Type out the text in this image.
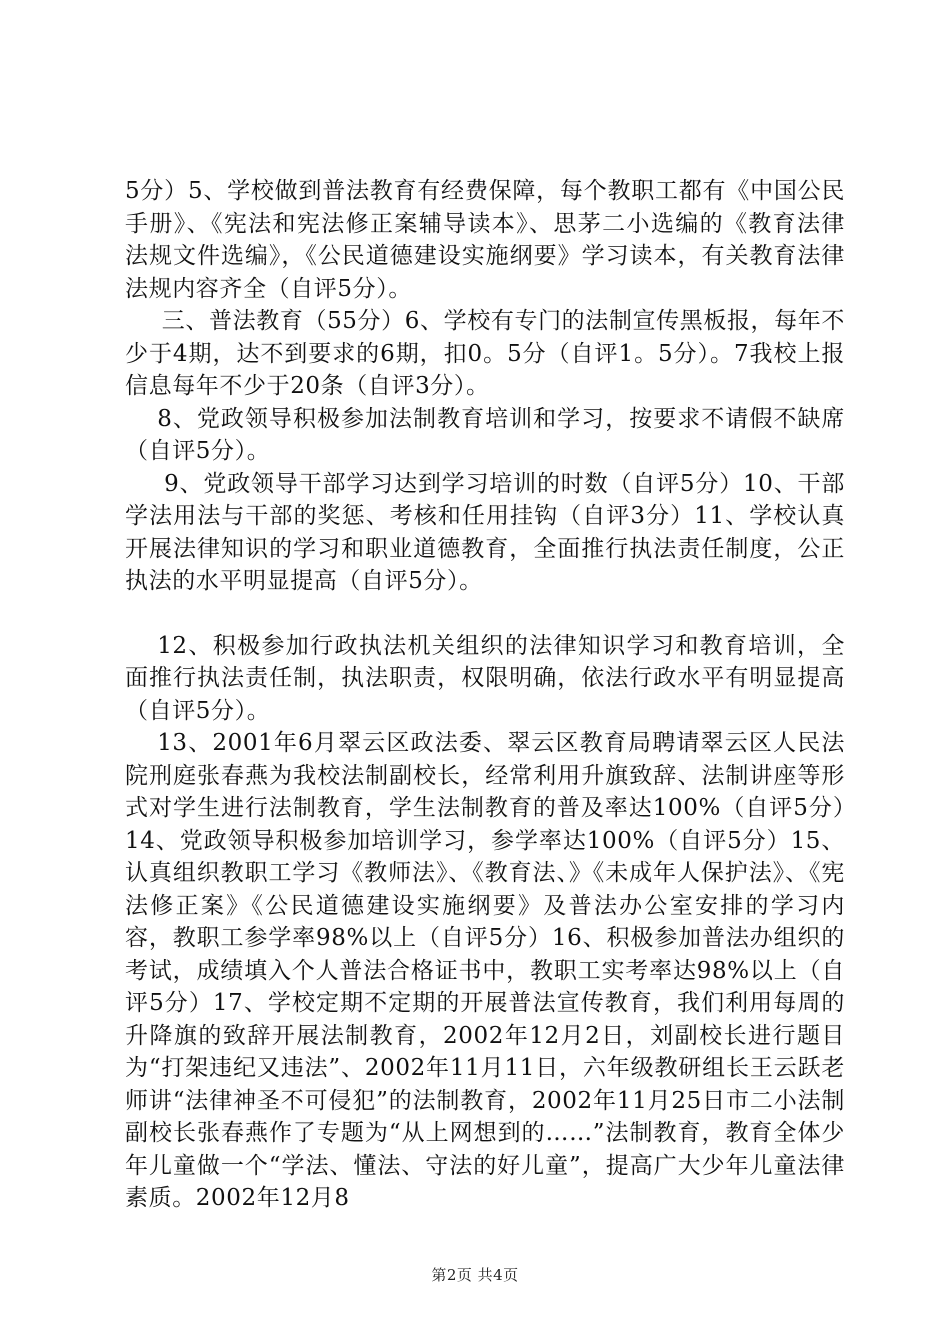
5分）5、学校做到普法教育有经费保障，每个教职工都有《中国公民手册》、《宪法和宪法修正案辅导读本》、思茅二小选编的《教育法律法规文件选编》，《公民道德建设实施纲要》学习读本，有关教育法律法规内容齐全（自评5分）。

三、普法教育（55分）6、学校有专门的法制宣传黑板报，每年不少于4期，达不到要求的6期，扣0。5分（自评1。5分）。7我校上报信息每年不少于20条（自评3分）。

8、党政领导积极参加法制教育培训和学习，按要求不请假不缺席（自评5分）。

9、党政领导干部学习达到学习培训的时数（自评5分）10、干部学法用法与干部的奖惩、考核和任用挂钩（自评3分）11、学校认真开展法律知识的学习和职业道德教育，全面推行执法责任制度，公正执法的水平明显提高（自评5分）。

12、积极参加行政执法机关组织的法律知识学习和教育培训，全面推行执法责任制，执法职责，权限明确，依法行政水平有明显提高（自评5分）。

13、2001年6月翠云区政法委、翠云区教育局聘请翠云区人民法院刑庭张春燕为我校法制副校长，经常利用升旗致辞、法制讲座等形式对学生进行法制教育，学生法制教育的普及率达100%（自评5分）14、党政领导积极参加培训学习，参学率达100%（自评5分）15、认真组织教职工学习《教师法》、《教育法、》《未成年人保护法》、《宪法修正案》《公民道德建设实施纲要》及普法办公室安排的学习内容，教职工参学率98%以上（自评5分）16、积极参加普法办组织的考试，成绩填入个人普法合格证书中，教职工实考率达98%以上（自评5分）17、学校定期不定期的开展普法宣传教育，我们利用每周的升降旗的致辞开展法制教育，2002年12月2日，刘副校长进行题目为“打架违纪又违法”、2002年11月11日，六年级教研组长王云跃老师讲“法律神圣不可侵犯”的法制教育，2002年11月25日市二小法制副校长张春燕作了专题为“从上网想到的……”法制教育，教育全体少年儿童做一个“学法、懂法、守法的好儿童”，提高广大少年儿童法律素质。2002年12月8

第2页 共4页
